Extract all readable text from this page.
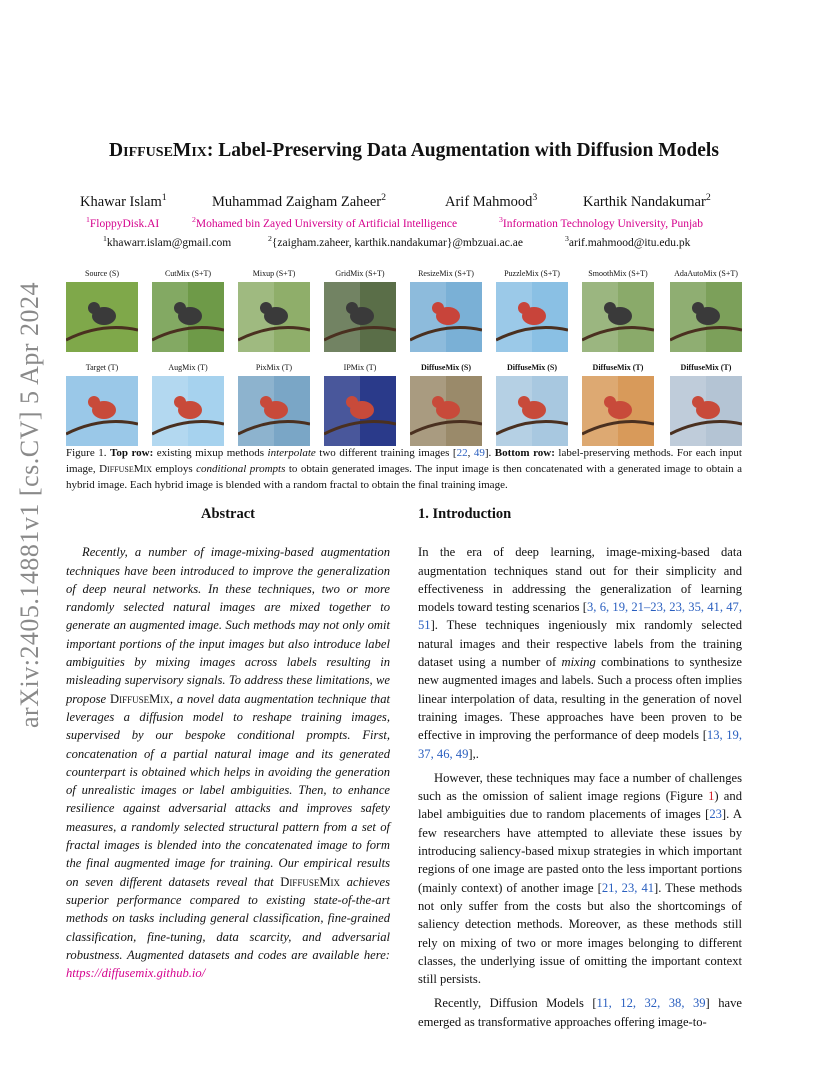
arXiv:2405.14881v1 [cs.CV] 5 Apr 2024
DiffuseMix: Label-Preserving Data Augmentation with Diffusion Models
Khawar Islam$^1$	Muhammad Zaigham Zaheer$^2$	Arif Mahmood$^3$	Karthik Nandakumar$^2$
$^1$FloppyDisk.AI	$^2$Mohamed bin Zayed University of Artificial Intelligence	$^3$Information Technology University, Punjab
$^1$khawarr.islam@gmail.com	$^2${zaigham.zaheer, karthik.nandakumar}@mbzuai.ac.ae	$^3$arif.mahmood@itu.edu.pk
Source (S)	CutMix (S+T)	Mixup (S+T)	GridMix (S+T)	ResizeMix (S+T)	PuzzleMix (S+T)	SmoothMix (S+T)	AdaAutoMix (S+T)
Target (T)	AugMix (T)	PixMix (T)	IPMix (T)	DiffuseMix (S)	DiffuseMix (S)	DiffuseMix (T)	DiffuseMix (T)
Figure 1. Top row: existing mixup methods interpolate two different training images [22, 49]. Bottom row: label-preserving methods. For each input image, DiffuseMix employs conditional prompts to obtain generated images. The input image is then concatenated with a generated image to obtain a hybrid image. Each hybrid image is blended with a random fractal to obtain the final training image.
Abstract

Recently, a number of image-mixing-based augmentation techniques have been introduced to improve the generalization of deep neural networks. In these techniques, two or more randomly selected natural images are mixed together to generate an augmented image. Such methods may not only omit important portions of the input images but also introduce label ambiguities by mixing images across labels resulting in misleading supervisory signals. To address these limitations, we propose DiffuseMix, a novel data augmentation technique that leverages a diffusion model to reshape training images, supervised by our bespoke conditional prompts. First, concatenation of a partial natural image and its generated counterpart is obtained which helps in avoiding the generation of unrealistic images or label ambiguities. Then, to enhance resilience against adversarial attacks and improves safety measures, a randomly selected structural pattern from a set of fractal images is blended into the concatenated image to form the final augmented image for training. Our empirical results on seven different datasets reveal that DiffuseMix achieves superior performance compared to existing state-of-the-art methods on tasks including general classification, fine-grained classification, fine-tuning, data scarcity, and adversarial robustness. Augmented datasets and codes are available here: https://diffusemix.github.io/

1. Introduction

In the era of deep learning, image-mixing-based data augmentation techniques stand out for their simplicity and effectiveness in addressing the generalization of learning models toward testing scenarios [3, 6, 19, 21–23, 23, 35, 41, 47, 51]. These techniques ingeniously mix randomly selected natural images and their respective labels from the training dataset using a number of mixing combinations to synthesize new augmented images and labels. Such a process often implies linear interpolation of data, resulting in the generation of novel training images. These approaches have been proven to be effective in improving the performance of deep models [13, 19, 37, 46, 49],.

However, these techniques may face a number of challenges such as the omission of salient image regions (Figure 1) and label ambiguities due to random placements of images [23]. A few researchers have attempted to alleviate these issues by introducing saliency-based mixup strategies in which important regions of one image are pasted onto the less important portions (mainly context) of another image [21, 23, 41]. These methods not only suffer from the costs but also the shortcomings of saliency detection methods. Moreover, as these methods still rely on mixing of two or more images belonging to different classes, the underlying issue of omitting the important context still persists.

Recently, Diffusion Models [11, 12, 32, 38, 39] have emerged as transformative approaches offering image-to-
